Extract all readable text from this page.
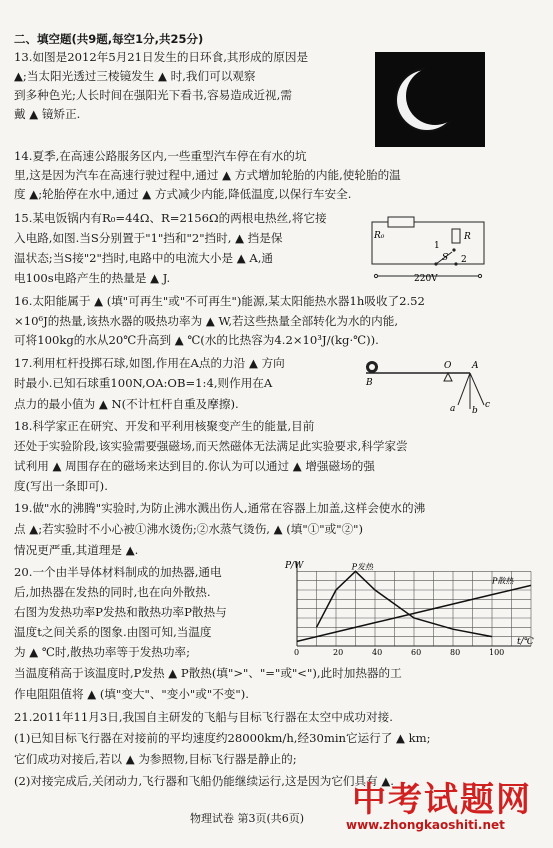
二、填空题(共9题,每空1分,共25分)
13.如图是2012年5月21日发生的日环食,其形成的原因是
▲;当太阳光透过三棱镜发生 ▲ 时,我们可以观察
到多种色光;人长时间在强阳光下看书,容易造成近视,需
戴 ▲ 镜矫正.
14.夏季,在高速公路服务区内,一些重型汽车停在有水的坑
里,这是因为汽车在高速行驶过程中,通过 ▲ 方式增加轮胎的内能,使轮胎的温
度 ▲;轮胎停在水中,通过 ▲ 方式减少内能,降低温度,以保行车安全.
15.某电饭锅内有R₀=44Ω、R=2156Ω的两根电热丝,将它接
入电路,如图.当S分别置于"1"挡和"2"挡时, ▲ 挡是保
温状态;当S接"2"挡时,电路中的电流大小是 ▲ A,通
电100s电路产生的热量是 ▲ J.
16.太阳能属于 ▲ (填"可再生"或"不可再生")能源,某太阳能热水器1h吸收了2.52
×10⁶J的热量,该热水器的吸热功率为 ▲ W,若这些热量全部转化为水的内能,
可将100kg的水从20℃升高到 ▲ ℃(水的比热容为4.2×10³J/(kg·℃)).
17.利用杠杆投掷石球,如图,作用在A点的力沿 ▲ 方向
时最小.已知石球重100N,OA:OB=1:4,则作用在A
点力的最小值为 ▲ N(不计杠杆自重及摩擦).
18.科学家正在研究、开发和平利用核聚变产生的能量,目前
还处于实验阶段,该实验需要强磁场,而天然磁体无法满足此实验要求,科学家尝
试利用 ▲ 周围存在的磁场来达到目的.你认为可以通过 ▲ 增强磁场的强
度(写出一条即可).
19.做"水的沸腾"实验时,为防止沸水溅出伤人,通常在容器上加盖,这样会使水的沸
点 ▲;若实验时不小心被①沸水烫伤;②水蒸气烫伤, ▲ (填"①"或"②")
情况更严重,其道理是 ▲.
20.一个由半导体材料制成的加热器,通电
后,加热器在发热的同时,也在向外散热.
右图为发热功率P发热和散热功率P散热与
温度t之间关系的图象.由图可知,当温度
为 ▲ ℃时,散热功率等于发热功率;
当温度稍高于该温度时,P发热 ▲ P散热(填">"、"="或"<"),此时加热器的工
作电阻阻值将 ▲ (填"变大"、"变小"或"不变").
21.2011年11月3日,我国自主研发的飞船与目标飞行器在太空中成功对接.
(1)已知目标飞行器在对接前的平均速度约28000km/h,经30min它运行了 ▲ km;
它们成功对接后,若以 ▲ 为参照物,目标飞行器是静止的;
(2)对接完成后,关闭动力,飞行器和飞船仍能继续运行,这是因为它们具有 ▲.
R₀	R
1
S 2
220V
B
O A
a b
c
P/W
t/℃
0	20	40	60	80	100
P发热
P散热
物理试卷 第3页(共6页) 中考试题网
www.zhongkaoshiti.net
